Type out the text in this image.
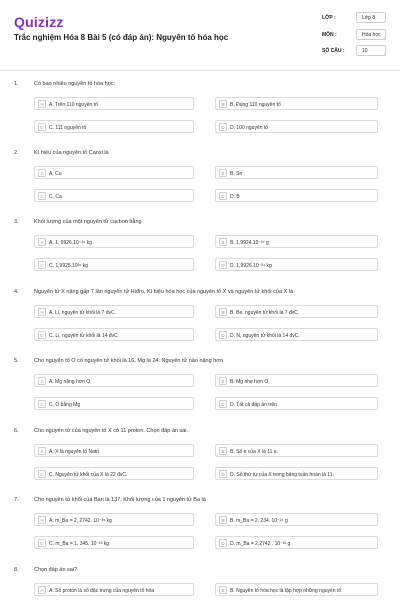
Quizizz
Trắc nghiệm Hóa 8 Bài 5 (có đáp án): Nguyên tố hóa học
LỚP :	Lớp 8
MÔN :	Hóa học
SỐ CÂU :	10
1.	Có bao nhiêu nguyên tố hóa học:
A	A. Trên 110 nguyên tố	B	B. Đúng 110 nguyên tố
C	C. 111 nguyên tố	D	D. 100 nguyên tố
2.	Kí hiệu của nguyên tố Canxi là
A	A. Cu	B	B. Sn
C	C. Ca	D	D. B
3.	Khối lượng của một nguyên tử cacbon bằng
A	A. 1, 9926.10⁻²⁴ kg	B	B. 1,9924.10⁻²⁷ g
C	C. 1,9925.10²⁵ kg	D	D. 1,9926.10⁻²⁴ kg
4.	Nguyên tử X nặng gấp 7 lần nguyên tử Hiđro. Kí hiệu hóa học của nguyên tố X và nguyên tử khối của X là
A	A. Li, nguyên tử khối là 7 đvC.	B	B. Be, nguyên tử khối là 7 đvC.
C	C. Li, nguyên tử khối là 14 đvC.	D	D. N, nguyên tử khối là 14 đvC.
5.	Cho nguyên tố O có nguyên tử khối là 16, Mg là 24. Nguyên tử nào nặng hơn
A	A. Mg nặng hơn O	B	B. Mg nhẹ hơn O
C	C. O bằng Mg	D	D. Tất cả đáp án trên
6.	Cho nguyên tử của nguyên tố X có 11 proton. Chọn đáp án sai.
A	A. X là nguyên tố Natri	B	B. Số e của X là 11 e.
C	C. Nguyên tử khối của X là 22 đvC.	D	D. Số thứ tự của X trong bảng tuần hoàn là 11.
7.	Cho nguyên tử khối của Bari là 137. Khối lượng của 1 nguyên tử Ba là
A	A. m_Ba = 2, 2742. 10⁻²⁵ kg	B	B. m_Ba = 2, 234. 10⁻²⁴ g
C	C. m_Ba = 1, 345. 10⁻²³ kg	D	D. m_Ba = 2,2742 . 10⁻²² g
8.	Chọn đáp án sai?
A	A. Số proton là số đặc trưng của nguyên tố hóa	B	B. Nguyên tố hóa học là tập hợp những nguyên tố
